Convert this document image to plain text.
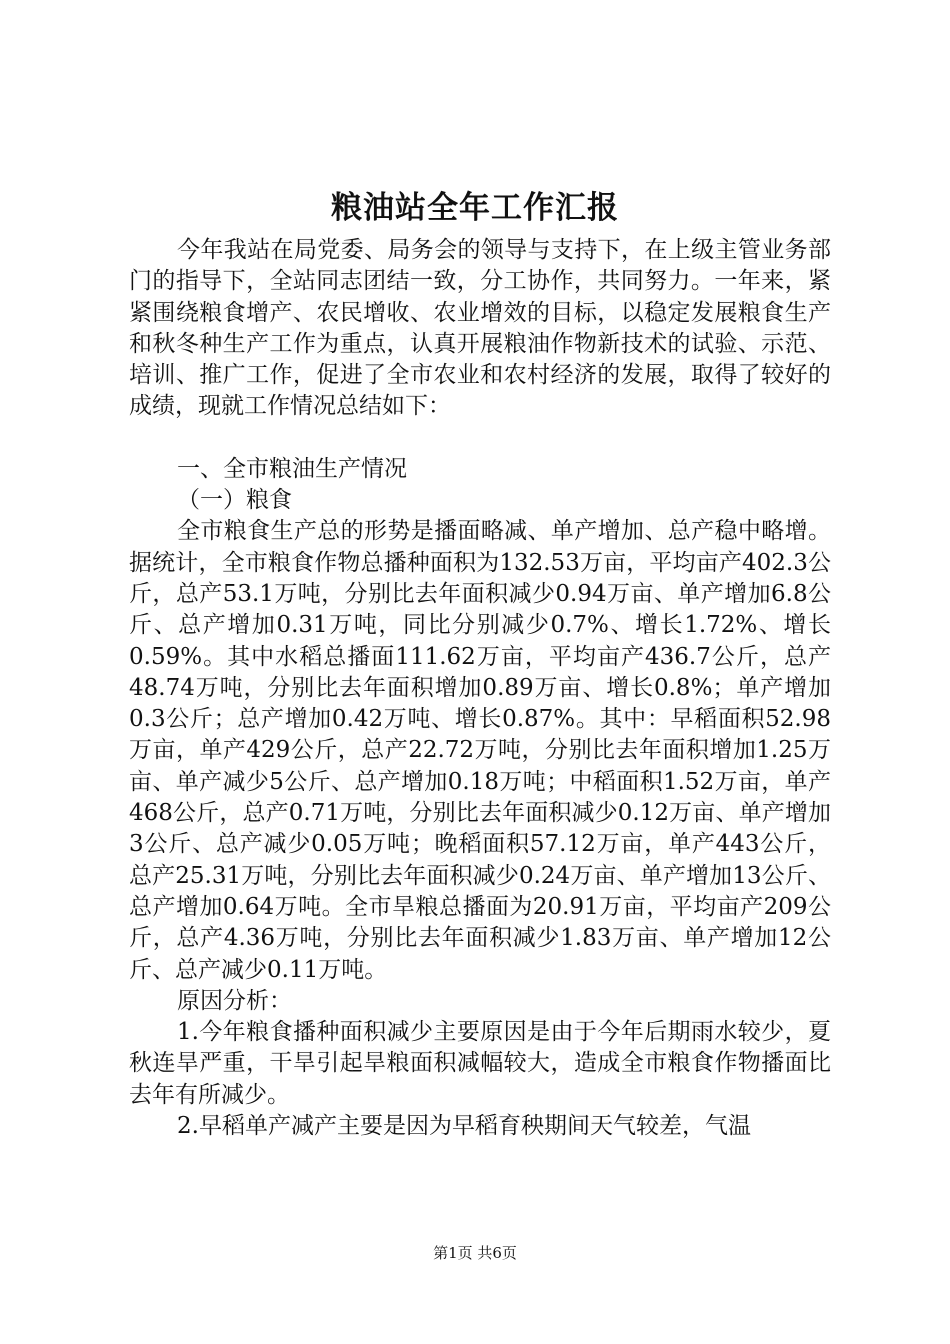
粮油站全年工作汇报

今年我站在局党委、局务会的领导与支持下，在上级主管业务部门的指导下，全站同志团结一致，分工协作，共同努力。一年来，紧紧围绕粮食增产、农民增收、农业增效的目标，以稳定发展粮食生产和秋冬种生产工作为重点，认真开展粮油作物新技术的试验、示范、培训、推广工作，促进了全市农业和农村经济的发展，取得了较好的成绩，现就工作情况总结如下：

一、全市粮油生产情况

（一）粮食

全市粮食生产总的形势是播面略减、单产增加、总产稳中略增。据统计，全市粮食作物总播种面积为132.53万亩，平均亩产402.3公斤，总产53.1万吨，分别比去年面积减少0.94万亩、单产增加6.8公斤、总产增加0.31万吨，同比分别减少0.7%、增长1.72%、增长0.59%。其中水稻总播面111.62万亩，平均亩产436.7公斤，总产48.74万吨，分别比去年面积增加0.89万亩、增长0.8%；单产增加0.3公斤；总产增加0.42万吨、增长0.87%。其中：早稻面积52.98万亩，单产429公斤，总产22.72万吨，分别比去年面积增加1.25万亩、单产减少5公斤、总产增加0.18万吨；中稻面积1.52万亩，单产468公斤，总产0.71万吨，分别比去年面积减少0.12万亩、单产增加3公斤、总产减少0.05万吨；晚稻面积57.12万亩，单产443公斤，总产25.31万吨，分别比去年面积减少0.24万亩、单产增加13公斤、总产增加0.64万吨。全市旱粮总播面为20.91万亩，平均亩产209公斤，总产4.36万吨，分别比去年面积减少1.83万亩、单产增加12公斤、总产减少0.11万吨。

原因分析：

1.今年粮食播种面积减少主要原因是由于今年后期雨水较少，夏秋连旱严重，干旱引起旱粮面积减幅较大，造成全市粮食作物播面比去年有所减少。

2.早稻单产减产主要是因为早稻育秧期间天气较差，气温

第1页 共6页
